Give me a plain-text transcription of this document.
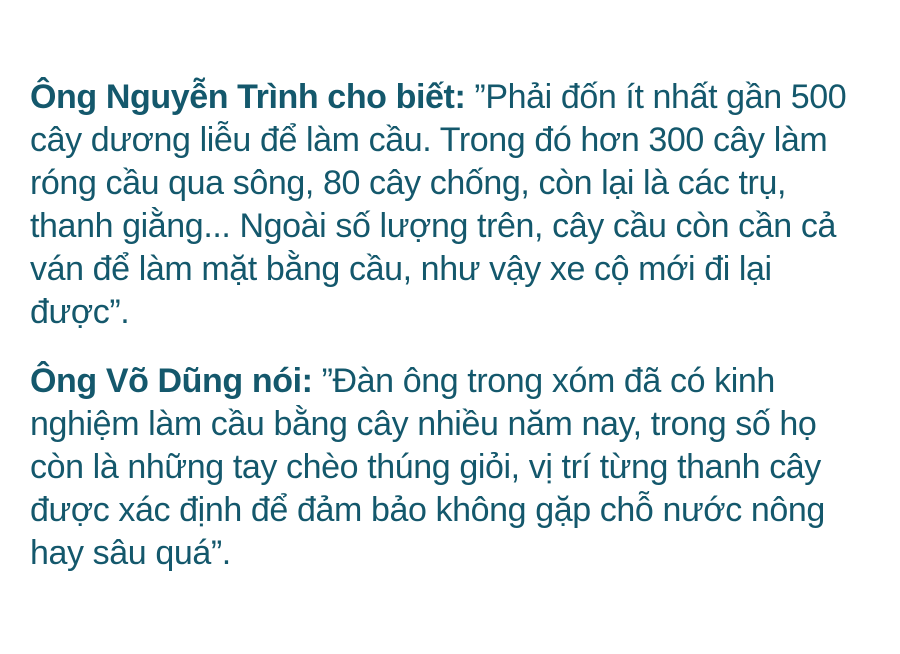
Ông Nguyễn Trình cho biết: ”Phải đốn ít nhất gần 500 cây dương liễu để làm cầu. Trong đó hơn 300 cây làm róng cầu qua sông, 80 cây chống, còn lại là các trụ, thanh giằng... Ngoài số lượng trên, cây cầu còn cần cả ván để làm mặt bằng cầu, như vậy xe cộ mới đi lại được”.

Ông Võ Dũng nói: ”Đàn ông trong xóm đã có kinh nghiệm làm cầu bằng cây nhiều năm nay, trong số họ còn là những tay chèo thúng giỏi, vị trí từng thanh cây được xác định để đảm bảo không gặp chỗ nước nông hay sâu quá”.
